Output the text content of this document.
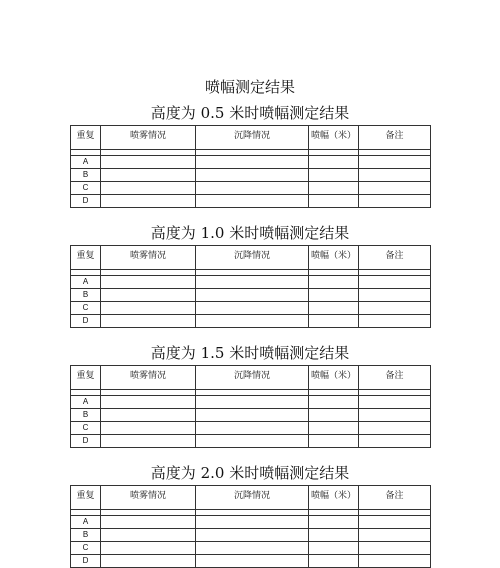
喷幅测定结果
高度为 0.5 米时喷幅测定结果
重复	喷雾情况	沉降情况	喷幅（米）	备注

A				
B				
C				
D				
高度为 1.0 米时喷幅测定结果
重复	喷雾情况	沉降情况	喷幅（米）	备注

A				
B				
C				
D				
高度为 1.5 米时喷幅测定结果
重复	喷雾情况	沉降情况	喷幅（米）	备注

A				
B				
C				
D				
高度为 2.0 米时喷幅测定结果
重复	喷雾情况	沉降情况	喷幅（米）	备注

A				
B				
C				
D				
